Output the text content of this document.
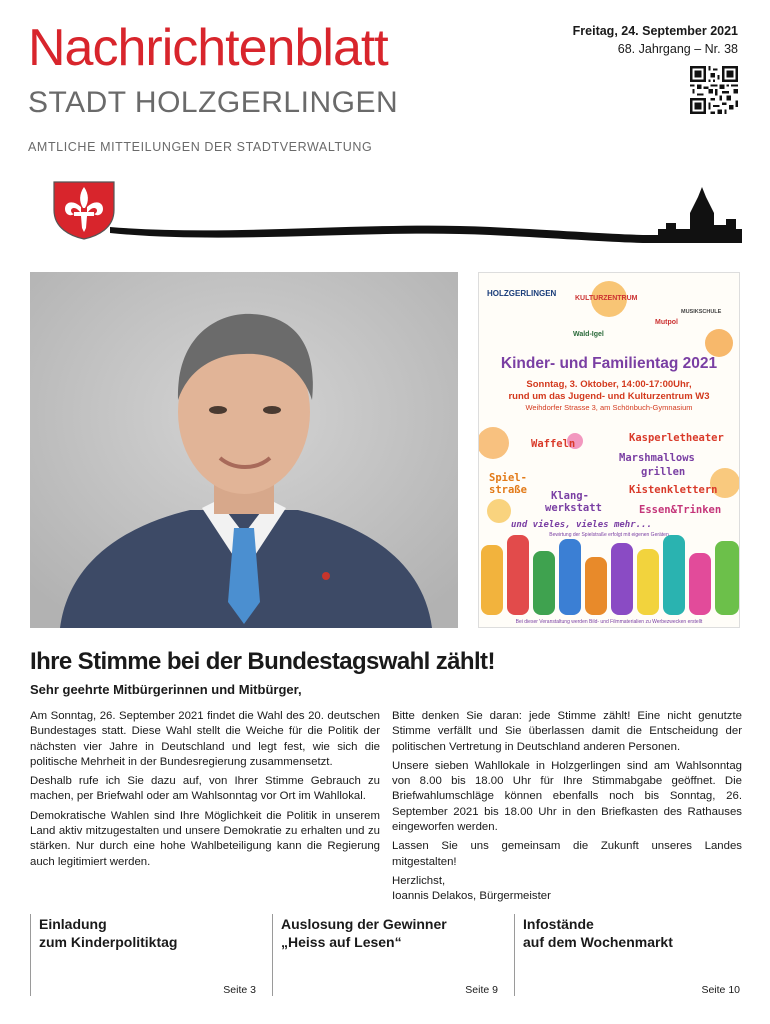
Nachrichtenblatt
STADT HOLZGERLINGEN
AMTLICHE MITTEILUNGEN DER STADTVERWALTUNG
Freitag, 24. September 2021
68. Jahrgang – Nr. 38
HOLZGERLINGEN
KULTURZENTRUM
MUSIKSCHULE
Mutpol
Wald-Igel
Kinder- und Familientag 2021
Sonntag, 3. Oktober, 14:00-17:00Uhr,
rund um das Jugend- und Kulturzentrum W3
Weihdorfer Strasse 3, am Schönbuch-Gymnasium
Waffeln	Kasperletheater
Marshmallows
grillen
Spiel-
straße Klang-
werkstatt
Kistenklettern
Essen&Trinken
und vieles, vieles mehr...
Bewirtung der Spielstraße erfolgt mit eigenen Geräten
Bei dieser Veranstaltung werden Bild- und Filmmaterialien zu Werbezwecken erstellt
Ihre Stimme bei der Bundestagswahl zählt!
Sehr geehrte Mitbürgerinnen und Mitbürger,

Am Sonntag, 26. September 2021 findet die Wahl des 20. deutschen Bundestages statt. Diese Wahl stellt die Weiche für die Politik der nächsten vier Jahre in Deutschland und legt fest, wie sich die politische Mehrheit in der Bundesregierung zusammensetzt.

Deshalb rufe ich Sie dazu auf, von Ihrer Stimme Gebrauch zu machen, per Briefwahl oder am Wahlsonntag vor Ort im Wahllokal.

Demokratische Wahlen sind Ihre Möglichkeit die Politik in unserem Land aktiv mitzugestalten und unsere Demokratie zu erhalten und zu stärken. Nur durch eine hohe Wahlbeteiligung kann die Regierung auch legitimiert werden.

Bitte denken Sie daran: jede Stimme zählt! Eine nicht genutzte Stimme verfällt und Sie überlassen damit die Entscheidung der politischen Vertretung in Deutschland anderen Personen.

Unsere sieben Wahllokale in Holzgerlingen sind am Wahlsonntag von 8.00 bis 18.00 Uhr für Ihre Stimmabgabe geöffnet. Die Briefwahlumschläge können ebenfalls noch bis Sonntag, 26. September 2021 bis 18.00 Uhr in den Briefkasten des Rathauses eingeworfen werden.

Lassen Sie uns gemeinsam die Zukunft unseres Landes mitgestalten!

Herzlichst,

Ioannis Delakos, Bürgermeister

Einladung
zum Kinderpolitiktag
Seite 3
Auslosung der Gewinner
„Heiss auf Lesen“
Seite 9
Infostände
auf dem Wochenmarkt
Seite 10
